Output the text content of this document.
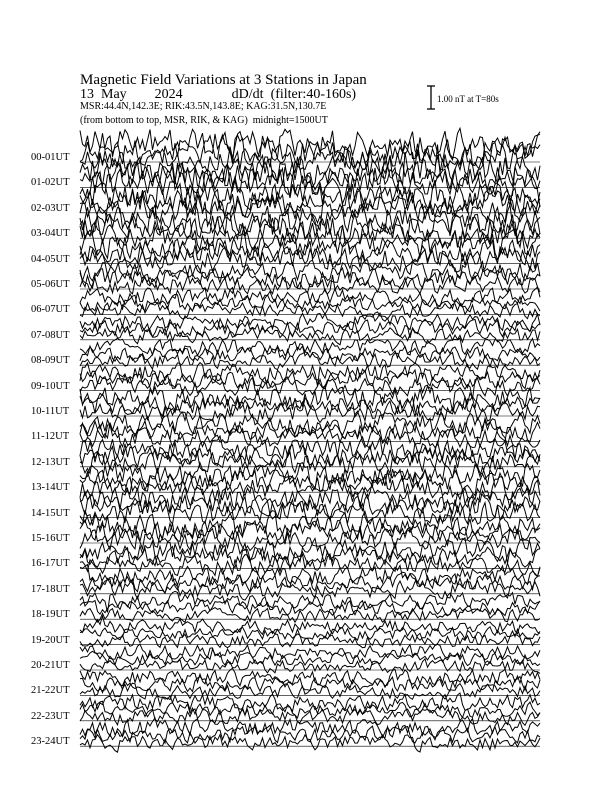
Magnetic Field Variations at 3 Stations in Japan
13 May 2024	dD/dt (filter:40-160s)
MSR:44.4N,142.3E; RIK:43.5N,143.8E; KAG:31.5N,130.7E
(from bottom to top, MSR, RIK, & KAG) midnight=1500UT
1.00 nT at T=80s
00-01UT
01-02UT
02-03UT
03-04UT
04-05UT
05-06UT
06-07UT
07-08UT
08-09UT
09-10UT
10-11UT
11-12UT
12-13UT
13-14UT
14-15UT
15-16UT
16-17UT
17-18UT
18-19UT
19-20UT
20-21UT
21-22UT
22-23UT
23-24UT
